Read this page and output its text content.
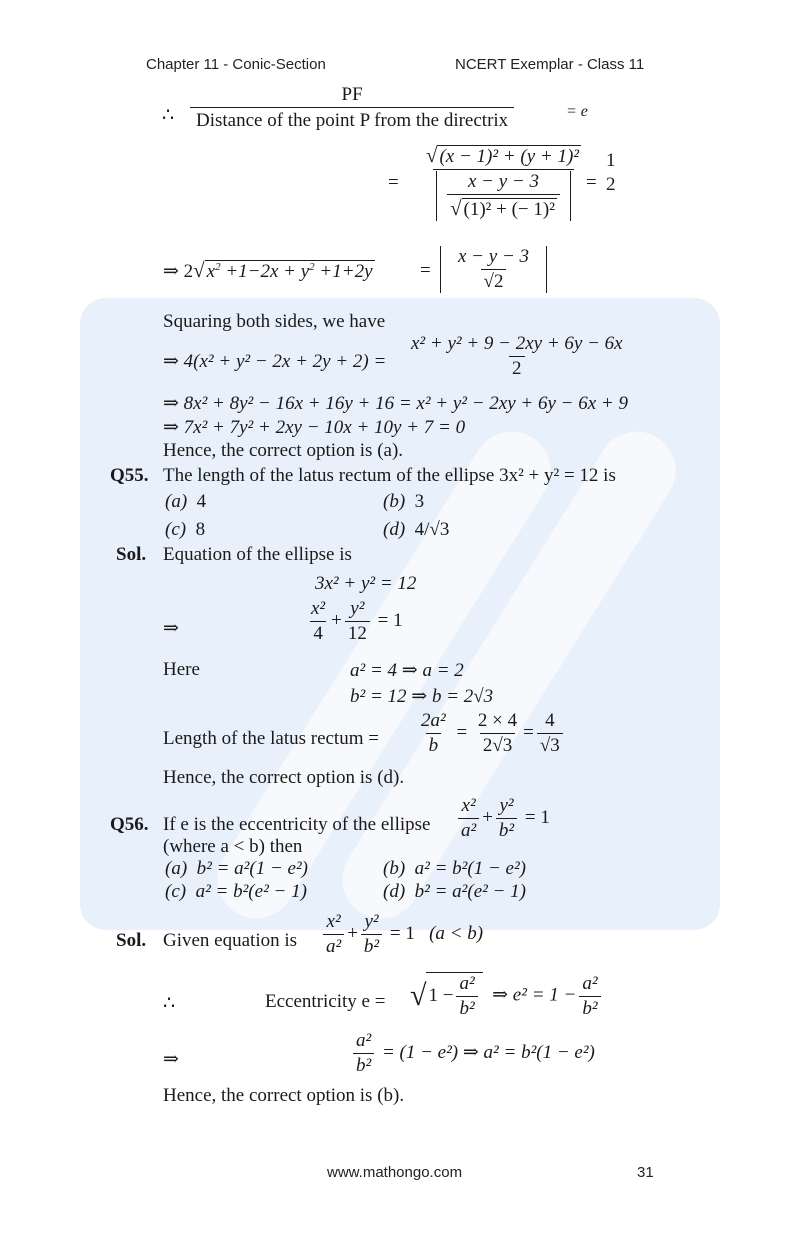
Chapter 11 - Conic-Section	NCERT Exemplar - Class 11
∴ $\frac{PF}{\text{Distance of the point P from the directrix}}$	= e
= $\frac{\text{√ (x − 1)² + (y + 1)²}}{\frac{x - y - 3}{\text{√ (1)² + (− 1)²}}}$ =
1
2
⇒ 2√ $x^2 +1-2x + y^2 +1+2y$	= $\frac{x - y - 3}{√2}$
Squaring both sides, we have
⇒ $4(x^2 + y^2 - 2x + 2y + 2) = \frac{\text{x² + y² + 9 − 2xy + 6y − 6x}}{2}$
⇒ 8x² + 8y² − 16x + 16y + 16 = x² + y² − 2xy + 6y − 6x + 9
⇒ 7x² + 7y² + 2xy − 10x + 10y + 7 = 0
Hence, the correct option is (a).
Q55. The length of the latus rectum of the ellipse 3x² + y² = 12 is
(a) 4	(b) 3
(c) 8	(d) 4/√3
Sol. Equation of the ellipse is
3x² + y² = 12
⇒	$\frac{\text{x²}}{4} + \frac{\text{y²}}{12} = 1$
Here	a² = 4 ⇒ a = 2
b² = 12 ⇒ b = 2√3
Length of the latus rectum = $\frac{\text{2a²}}{b} = \frac{2 \times 4}{2√3} = \frac{4}{√3}$
Hence, the correct option is (d).
Q56. If e is the eccentricity of the ellipse $\frac{\text{x²}}{\text{a²}} + \frac{\text{y²}}{\text{b²}} = 1$
(where a < b) then
(a) b² = a²(1 − e²)	(b) a² = b²(1 − e²)
(c) a² = b²(e² − 1)	(d) b² = a²(e² − 1)
Sol. Given equation is $\frac{\text{x²}}{\text{a²}} + \frac{\text{y²}}{\text{b²}} = 1$ (a < b)
∴	Eccentricity e = √ $1 - \frac{\text{a²}}{\text{b²}}$ ⇒ $e^2 = 1 - \frac{\text{a²}}{\text{b²}}$
⇒	$\frac{\text{a²}}{\text{b²}} = (1 - e^2)$ ⇒ a² = b²(1 − e²)
Hence, the correct option is (b).
www.mathongo.com	31
